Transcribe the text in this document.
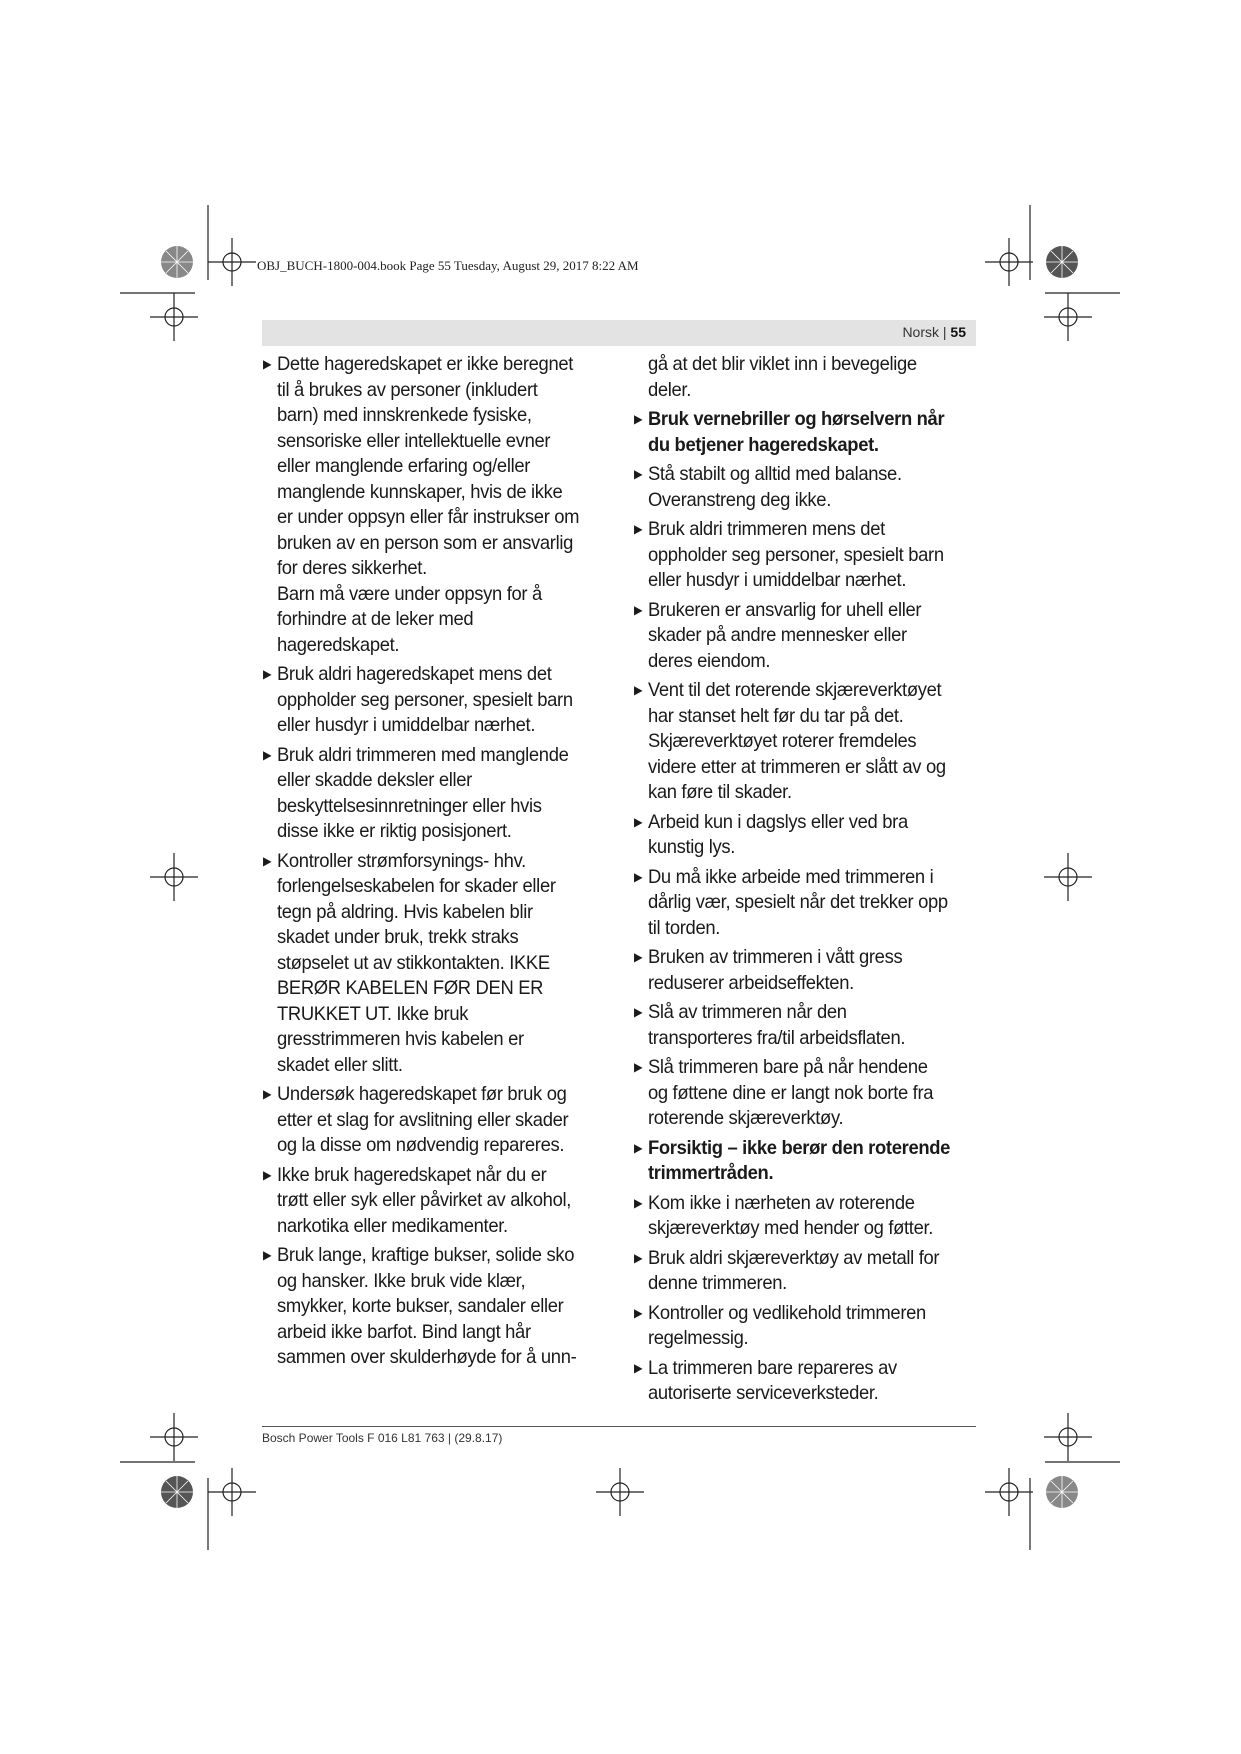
OBJ_BUCH-1800-004.book Page 55 Tuesday, August 29, 2017 8:22 AM
Norsk | 55
▶ Dette hageredskapet er ikke beregnet til å brukes av personer (inkludert barn) med innskrenkede fysiske, sensoriske eller intellektuelle evner eller manglende erfaring og/eller manglende kunnskaper, hvis de ikke er under oppsyn eller får instrukser om bruken av en person som er ansvarlig for deres sikkerhet.
Barn må være under oppsyn for å forhindre at de leker med hageredskapet.
▶ Bruk aldri hageredskapet mens det oppholder seg personer, spesielt barn eller husdyr i umiddelbar nærhet.
▶ Bruk aldri trimmeren med manglende eller skadde deksler eller beskyttelsesinnretninger eller hvis disse ikke er riktig posisjonert.
▶ Kontroller strømforsynings- hhv. forlengelseskabelen for skader eller tegn på aldring. Hvis kabelen blir skadet under bruk, trekk straks støpselet ut av stikkontakten. IKKE BERØR KABELEN FØR DEN ER TRUKKET UT. Ikke bruk gresstrimmeren hvis kabelen er skadet eller slitt.
▶ Undersøk hageredskapet før bruk og etter et slag for avslitning eller skader og la disse om nødvendig repareres.
▶ Ikke bruk hageredskapet når du er trøtt eller syk eller påvirket av alkohol, narkotika eller medikamenter.
▶ Bruk lange, kraftige bukser, solide sko og hansker. Ikke bruk vide klær, smykker, korte bukser, sandaler eller arbeid ikke barfot. Bind langt hår sammen over skulderhøyde for å unn-
gå at det blir viklet inn i bevegelige deler.
▶ Bruk vernebriller og hørselvern når du betjener hageredskapet.
▶ Stå stabilt og alltid med balanse. Overanstreng deg ikke.
▶ Bruk aldri trimmeren mens det oppholder seg personer, spesielt barn eller husdyr i umiddelbar nærhet.
▶ Brukeren er ansvarlig for uhell eller skader på andre mennesker eller deres eiendom.
▶ Vent til det roterende skjæreverktøyet har stanset helt før du tar på det. Skjæreverktøyet roterer fremdeles videre etter at trimmeren er slått av og kan føre til skader.
▶ Arbeid kun i dagslys eller ved bra kunstig lys.
▶ Du må ikke arbeide med trimmeren i dårlig vær, spesielt når det trekker opp til torden.
▶ Bruken av trimmeren i vått gress reduserer arbeidseffekten.
▶ Slå av trimmeren når den transporteres fra/til arbeidsflaten.
▶ Slå trimmeren bare på når hendene og føttene dine er langt nok borte fra roterende skjæreverktøy.
▶ Forsiktig – ikke berør den roterende trimmertråden.
▶ Kom ikke i nærheten av roterende skjæreverktøy med hender og føtter.
▶ Bruk aldri skjæreverktøy av metall for denne trimmeren.
▶ Kontroller og vedlikehold trimmeren regelmessig.
▶ La trimmeren bare repareres av autoriserte serviceverksteder.
Bosch Power Tools F 016 L81 763 | (29.8.17)
